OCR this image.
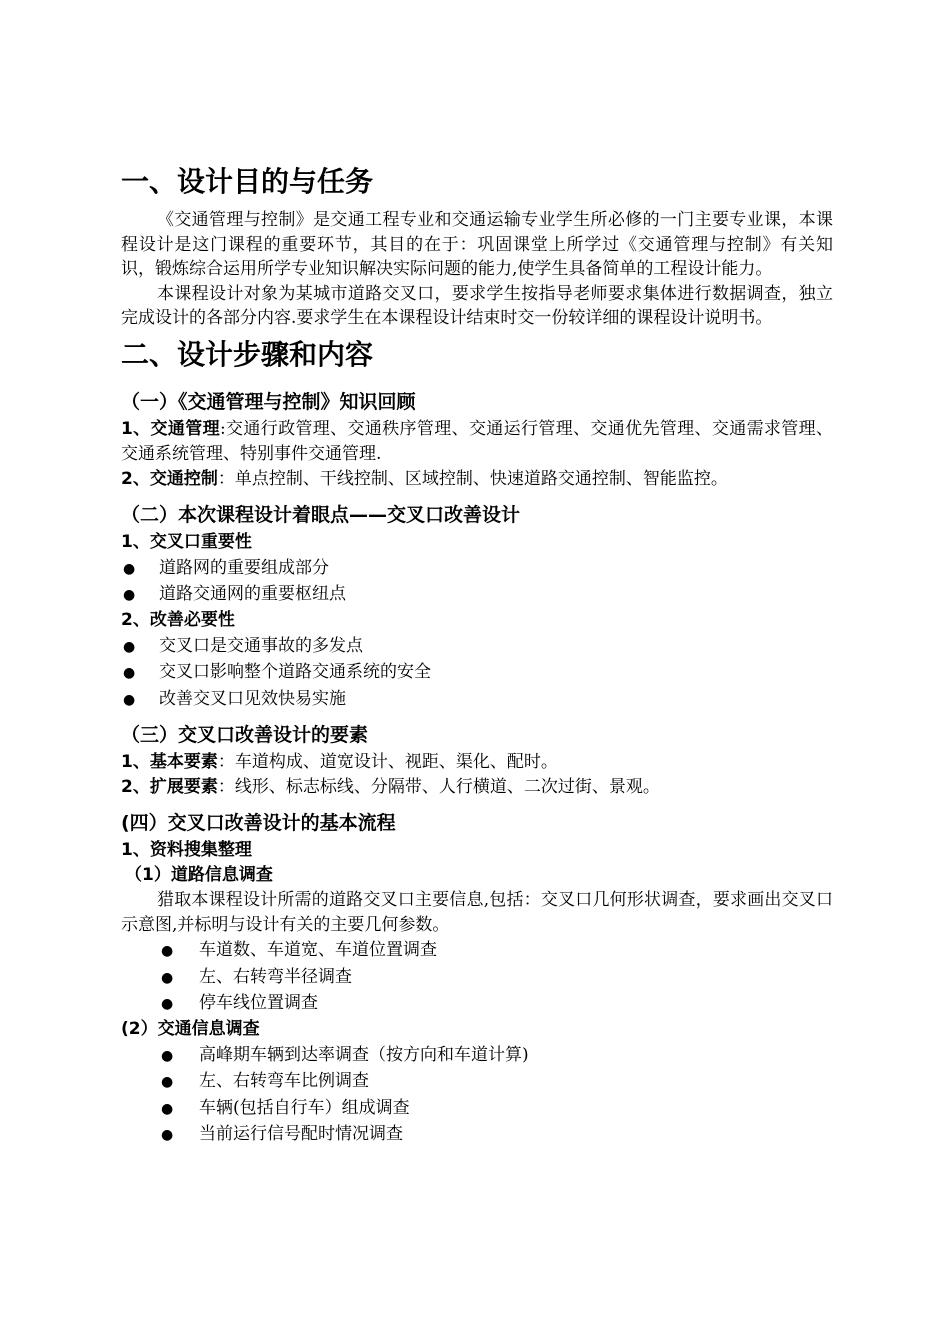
一、设计目的与任务

《交通管理与控制》是交通工程专业和交通运输专业学生所必修的一门主要专业课，本课程设计是这门课程的重要环节，其目的在于：巩固课堂上所学过《交通管理与控制》有关知识，锻炼综合运用所学专业知识解决实际问题的能力,使学生具备简单的工程设计能力。

本课程设计对象为某城市道路交叉口，要求学生按指导老师要求集体进行数据调查，独立完成设计的各部分内容.要求学生在本课程设计结束时交一份较详细的课程设计说明书。

二、设计步骤和内容
（一）《交通管理与控制》知识回顾

1、交通管理:交通行政管理、交通秩序管理、交通运行管理、交通优先管理、交通需求管理、交通系统管理、特别事件交通管理.

2、交通控制：单点控制、干线控制、区域控制、快速道路交通控制、智能监控。

（二）本次课程设计着眼点——交叉口改善设计
1、交叉口重要性
●
道路网的重要组成部分
●
道路交通网的重要枢纽点
2、改善必要性
●
交叉口是交通事故的多发点
●
交叉口影响整个道路交通系统的安全
●
改善交叉口见效快易实施
（三）交叉口改善设计的要素

1、基本要素：车道构成、道宽设计、视距、渠化、配时。

2、扩展要素：线形、标志标线、分隔带、人行横道、二次过街、景观。

(四）交叉口改善设计的基本流程
1、资料搜集整理
（1）道路信息调查

猎取本课程设计所需的道路交叉口主要信息,包括：交叉口几何形状调查，要求画出交叉口示意图,并标明与设计有关的主要几何参数。

●
车道数、车道宽、车道位置调查
●
左、右转弯半径调查
●
停车线位置调查
(2）交通信息调查
●
高峰期车辆到达率调查（按方向和车道计算)
●
左、右转弯车比例调查
●
车辆(包括自行车）组成调查
●
当前运行信号配时情况调查
